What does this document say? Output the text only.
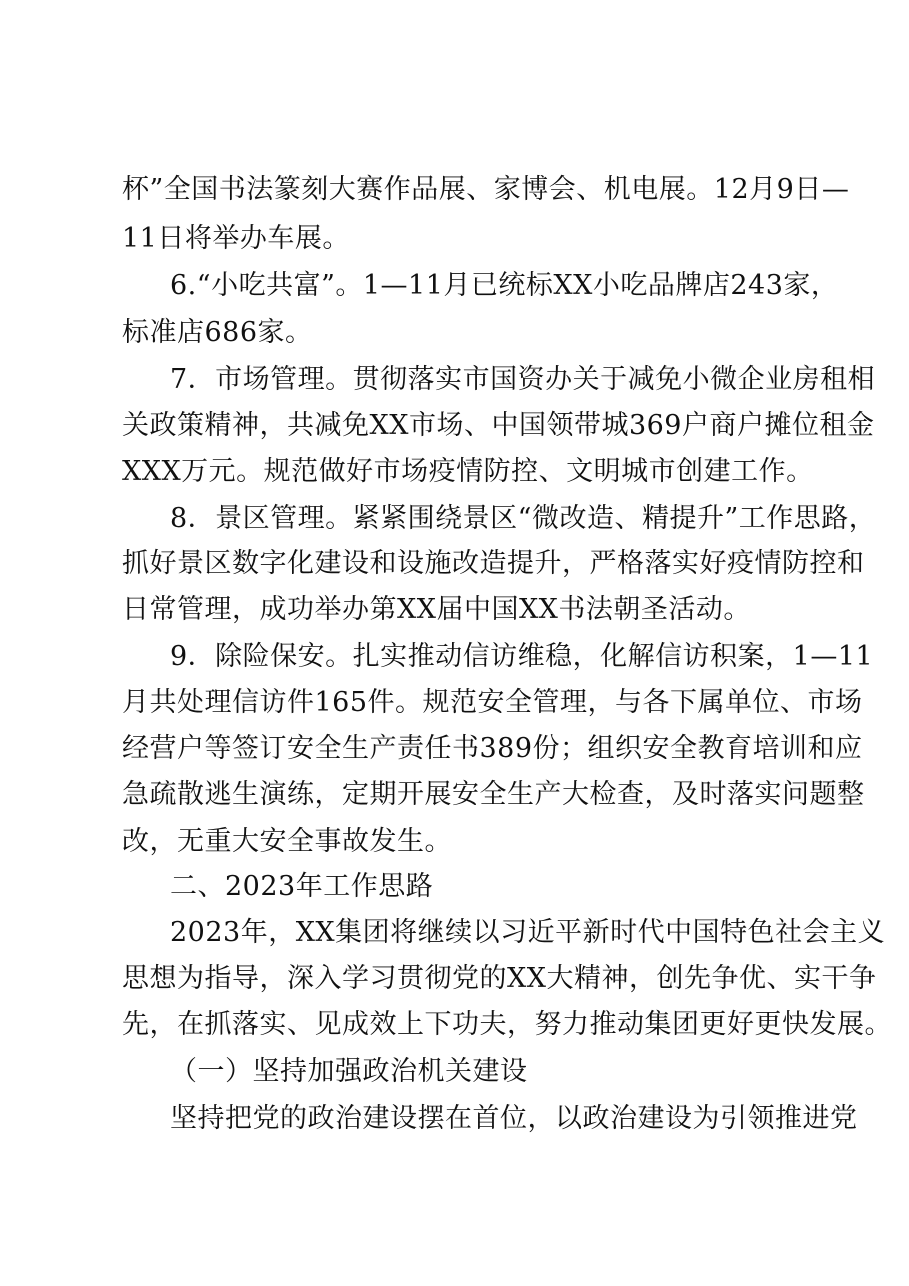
杯”全国书法篆刻大赛作品展、家博会、机电展。12月9日—
11日将举办车展。
6.“小吃共富”。1—11月已统标XX小吃品牌店243家，
标准店686家。
7．市场管理。贯彻落实市国资办关于减免小微企业房租相
关政策精神，共减免XX市场、中国领带城369户商户摊位租金
XXX万元。规范做好市场疫情防控、文明城市创建工作。
8．景区管理。紧紧围绕景区“微改造、精提升”工作思路，
抓好景区数字化建设和设施改造提升，严格落实好疫情防控和
日常管理，成功举办第XX届中国XX书法朝圣活动。
9．除险保安。扎实推动信访维稳，化解信访积案，1—11
月共处理信访件165件。规范安全管理，与各下属单位、市场
经营户等签订安全生产责任书389份；组织安全教育培训和应
急疏散逃生演练，定期开展安全生产大检查，及时落实问题整
改，无重大安全事故发生。
二、2023年工作思路
2023年，XX集团将继续以习近平新时代中国特色社会主义
思想为指导，深入学习贯彻党的XX大精神，创先争优、实干争
先，在抓落实、见成效上下功夫，努力推动集团更好更快发展。
（一）坚持加强政治机关建设
坚持把党的政治建设摆在首位，以政治建设为引领推进党
